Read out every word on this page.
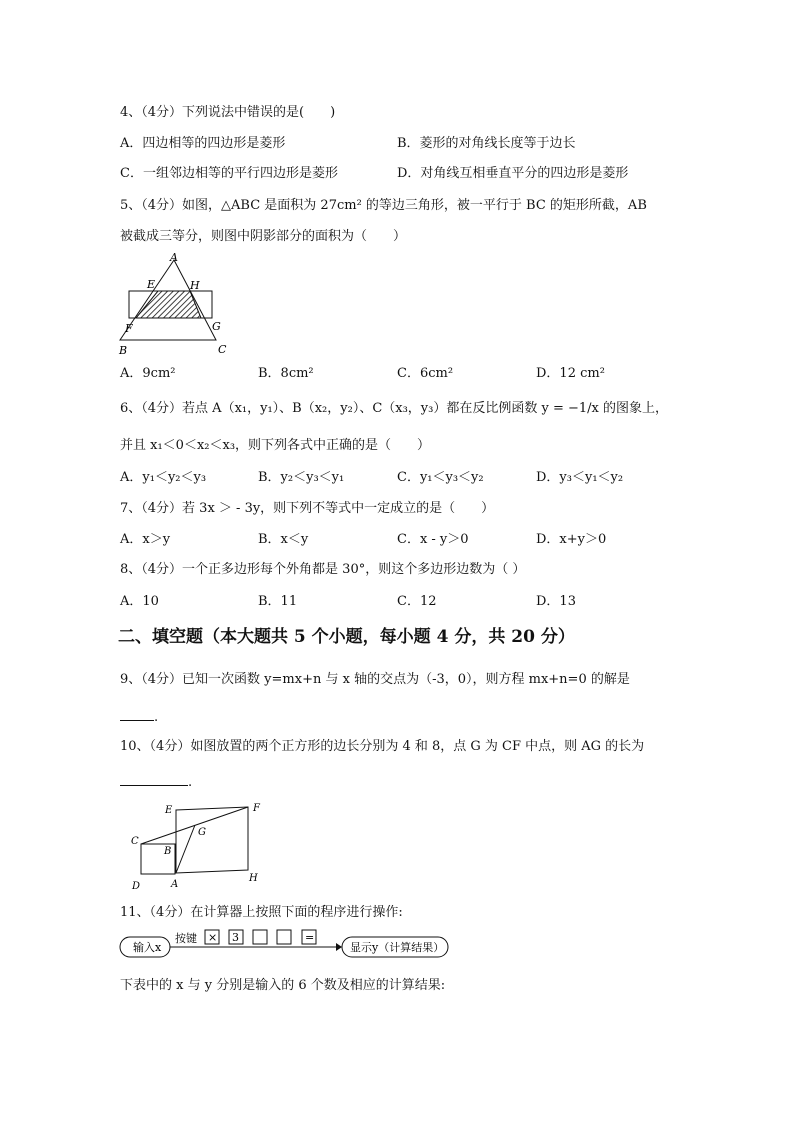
4、（4分）下列说法中错误的是(　　)
A．四边相等的四边形是菱形	B．菱形的对角线长度等于边长
C．一组邻边相等的平行四边形是菱形	D．对角线互相垂直平分的四边形是菱形
5、（4分）如图，△ABC 是面积为 27cm² 的等边三角形，被一平行于 BC 的矩形所截，AB
被截成三等分，则图中阴影部分的面积为（　　）
A
E	H
F	G
B	C
A．9cm²	B．8cm²	C．6cm²	D．12 cm²
6、（4分）若点 A（x₁，y₁）、B（x₂，y₂）、C（x₃，y₃）都在反比例函数 y = −1/x 的图象上，
并且 x₁＜0＜x₂＜x₃，则下列各式中正确的是（　　）
A．y₁＜y₂＜y₃	B．y₂＜y₃＜y₁	C．y₁＜y₃＜y₂	D．y₃＜y₁＜y₂
7、（4分）若 3x ＞ - 3y，则下列不等式中一定成立的是（　　）
A．x＞y	B．x＜y	C．x - y＞0	D．x+y＞0
8、（4分）一个正多边形每个外角都是 30°，则这个多边形边数为（ ）
A．10	B．11	C．12	D．13
二、填空题（本大题共 5 个小题，每小题 4 分，共 20 分）
9、（4分）已知一次函数 y=mx+n 与 x 轴的交点为（-3，0），则方程 mx+n=0 的解是
.
10、（4分）如图放置的两个正方形的边长分别为 4 和 8，点 G 为 CF 中点，则 AG 的长为
.
E	F
C
G
B
D	A
H
11、（4分）在计算器上按照下面的程序进行操作:
输入x
按键 × 3	=
显示y（计算结果）
下表中的 x 与 y 分别是输入的 6 个数及相应的计算结果:
